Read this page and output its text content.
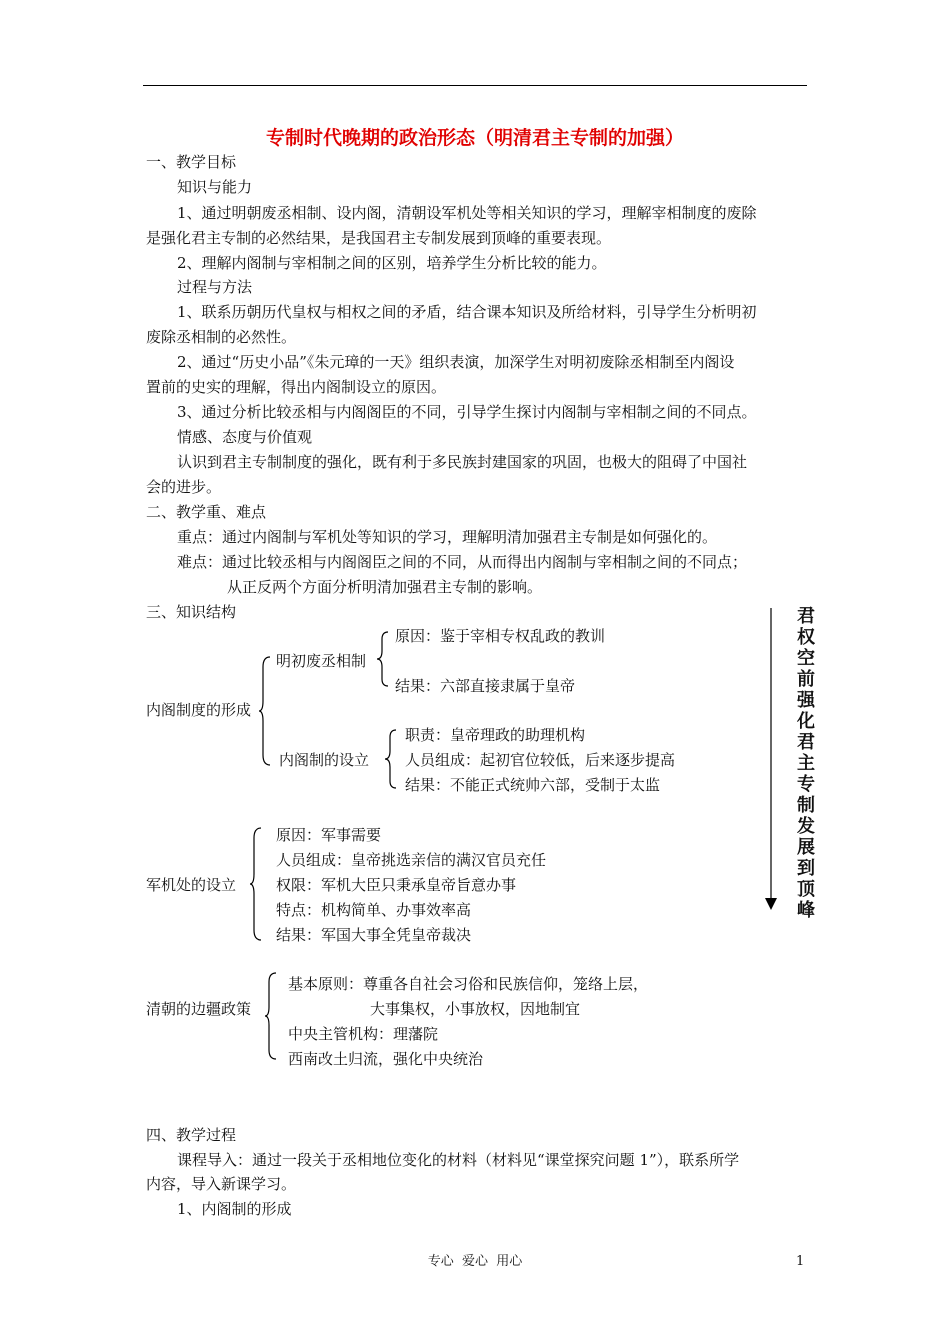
专制时代晚期的政治形态（明清君主专制的加强）
一、教学目标
知识与能力
1、通过明朝废丞相制、设内阁，清朝设军机处等相关知识的学习，理解宰相制度的废除
是强化君主专制的必然结果，是我国君主专制发展到顶峰的重要表现。
2、理解内阁制与宰相制之间的区别，培养学生分析比较的能力。
过程与方法
1、联系历朝历代皇权与相权之间的矛盾，结合课本知识及所给材料，引导学生分析明初
废除丞相制的必然性。
2、通过“历史小品”《朱元璋的一天》组织表演，加深学生对明初废除丞相制至内阁设
置前的史实的理解，得出内阁制设立的原因。
3、通过分析比较丞相与内阁阁臣的不同，引导学生探讨内阁制与宰相制之间的不同点。
情感、态度与价值观
认识到君主专制制度的强化，既有利于多民族封建国家的巩固，也极大的阻碍了中国社
会的进步。
二、教学重、难点
重点：通过内阁制与军机处等知识的学习，理解明清加强君主专制是如何强化的。
难点：通过比较丞相与内阁阁臣之间的不同，从而得出内阁制与宰相制之间的不同点；
从正反两个方面分析明清加强君主专制的影响。
三、知识结构
内阁制度的形成
明初废丞相制
原因：鉴于宰相专权乱政的教训
结果：六部直接隶属于皇帝
内阁制的设立
职责：皇帝理政的助理机构
人员组成：起初官位较低，后来逐步提高
结果：不能正式统帅六部，受制于太监
军机处的设立
原因：军事需要
人员组成：皇帝挑选亲信的满汉官员充任
权限：军机大臣只秉承皇帝旨意办事
特点：机构简单、办事效率高
结果：军国大事全凭皇帝裁决
清朝的边疆政策
基本原则：尊重各自社会习俗和民族信仰，笼络上层，
大事集权，小事放权，因地制宜
中央主管机构：理藩院
西南改土归流，强化中央统治
君权空前强化君主专制发展到顶峰
四、教学过程
课程导入：通过一段关于丞相地位变化的材料（材料见“课堂探究问题 1”），联系所学
内容，导入新课学习。
1、内阁制的形成
专心  爱心  用心	1
